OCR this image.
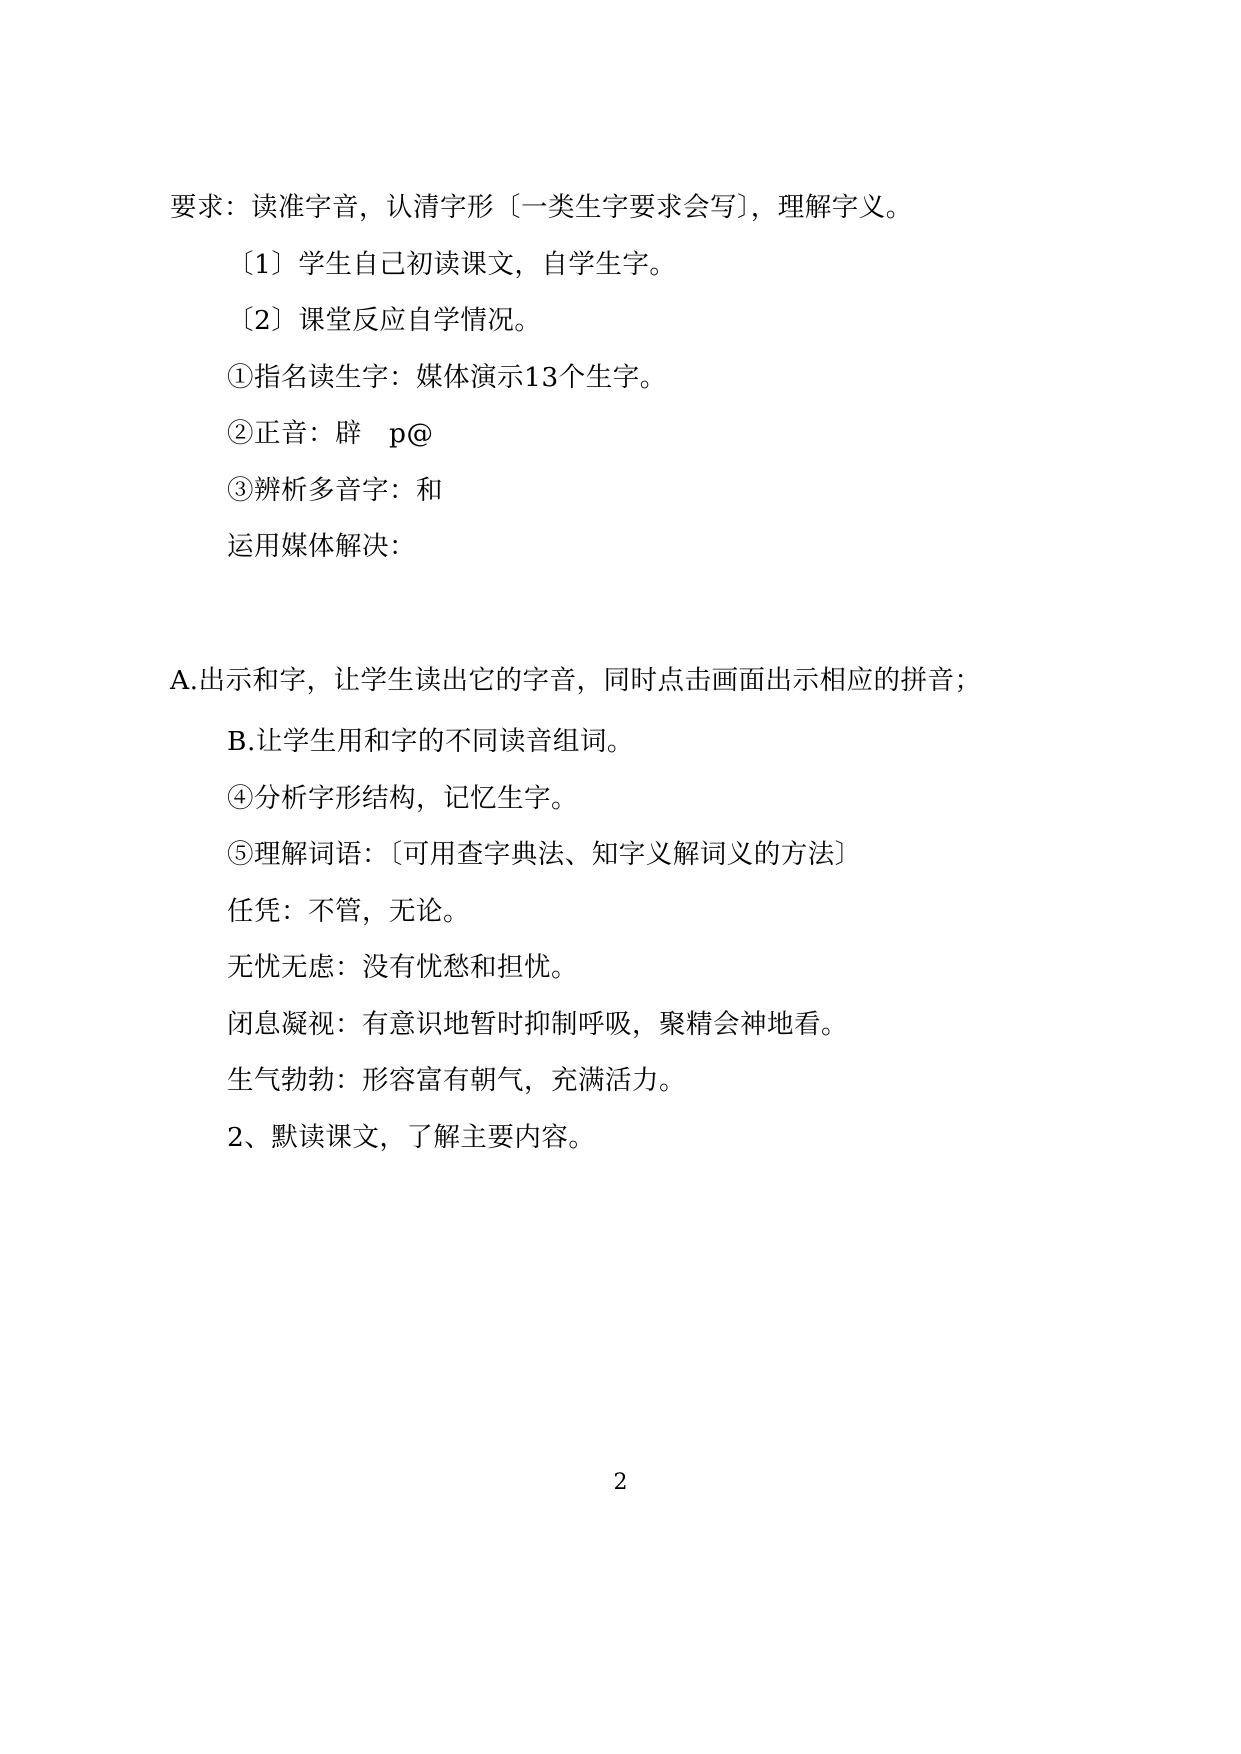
要求：读准字音，认清字形〔一类生字要求会写〕，理解字义。

〔1〕学生自己初读课文，自学生字。

〔2〕课堂反应自学情况。

①指名读生字：媒体演示13个生字。

②正音：辟　p@

③辨析多音字：和

运用媒体解决：

A.出示和字，让学生读出它的字音，同时点击画面出示相应的拼音；

B.让学生用和字的不同读音组词。

④分析字形结构，记忆生字。

⑤理解词语：〔可用查字典法、知字义解词义的方法〕

任凭：不管，无论。

无忧无虑：没有忧愁和担忧。

闭息凝视：有意识地暂时抑制呼吸，聚精会神地看。

生气勃勃：形容富有朝气，充满活力。

2、默读课文，了解主要内容。

2
